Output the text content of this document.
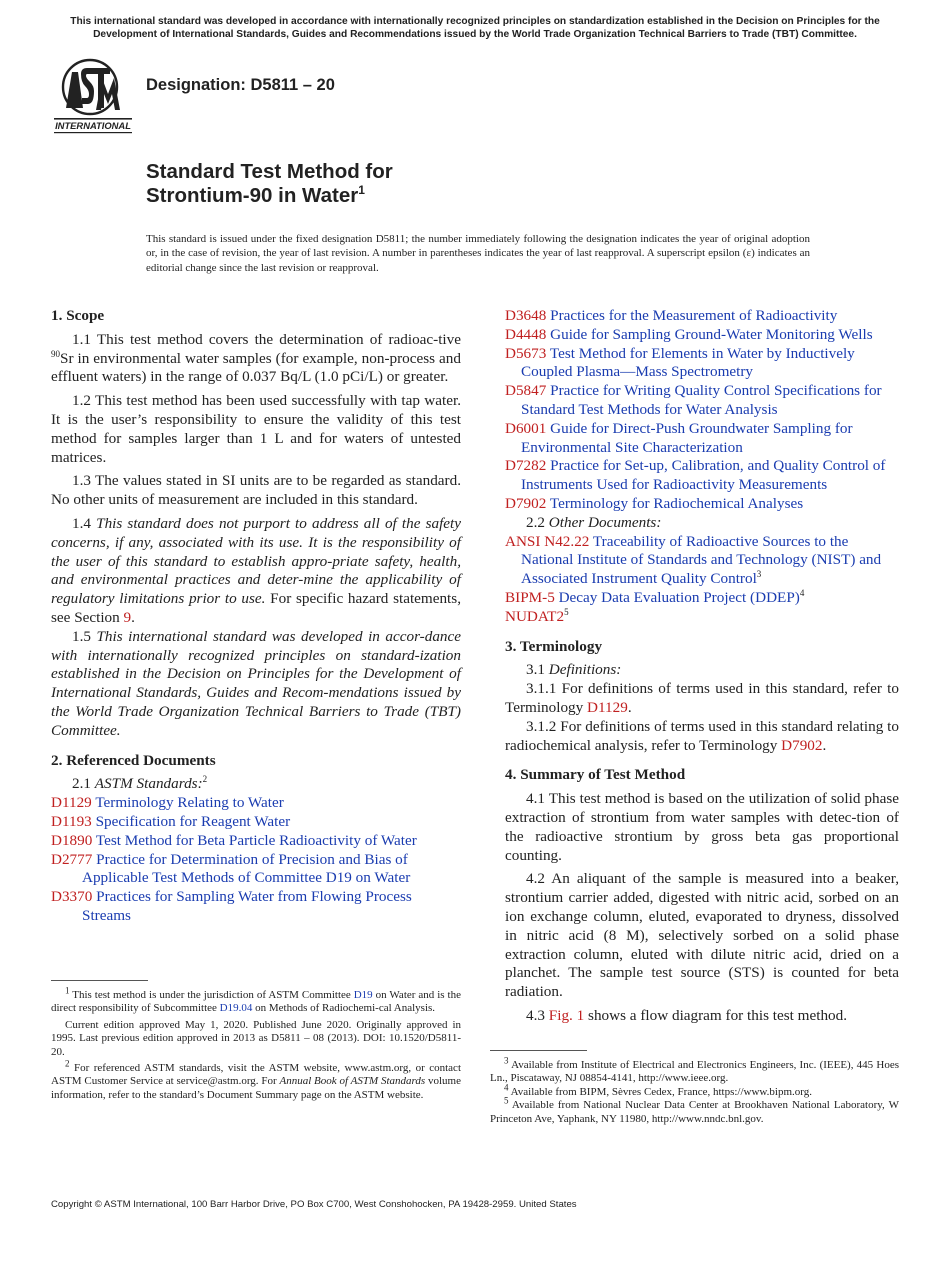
This international standard was developed in accordance with internationally recognized principles on standardization established in the Decision on Principles for the Development of International Standards, Guides and Recommendations issued by the World Trade Organization Technical Barriers to Trade (TBT) Committee.
INTERNATIONAL
Designation: D5811 – 20
Standard Test Method for
Strontium-90 in Water$^1$
This standard is issued under the fixed designation D5811; the number immediately following the designation indicates the year of original adoption or, in the case of revision, the year of last revision. A number in parentheses indicates the year of last reapproval. A superscript epsilon (ε) indicates an editorial change since the last revision or reapproval.
1. Scope

1.1 This test method covers the determination of radioac-tive $^{90}$Sr in environmental water samples (for example, non-process and effluent waters) in the range of 0.037 Bq/L (1.0 pCi/L) or greater.

1.2 This test method has been used successfully with tap water. It is the user’s responsibility to ensure the validity of this test method for samples larger than 1 L and for waters of untested matrices.

1.3 The values stated in SI units are to be regarded as standard. No other units of measurement are included in this standard.

1.4 This standard does not purport to address all of the safety concerns, if any, associated with its use. It is the responsibility of the user of this standard to establish appro-priate safety, health, and environmental practices and deter-mine the applicability of regulatory limitations prior to use. For specific hazard statements, see Section 9.

1.5 This international standard was developed in accor-dance with internationally recognized principles on standard-ization established in the Decision on Principles for the Development of International Standards, Guides and Recom-mendations issued by the World Trade Organization Technical Barriers to Trade (TBT) Committee.

2. Referenced Documents

2.1 ASTM Standards:$^2$

D1129 Terminology Relating to Water

D1193 Specification for Reagent Water

D1890 Test Method for Beta Particle Radioactivity of Water

D2777 Practice for Determination of Precision and Bias of Applicable Test Methods of Committee D19 on Water

D3370 Practices for Sampling Water from Flowing Process Streams

$^1$ This test method is under the jurisdiction of ASTM Committee D19 on Water and is the direct responsibility of Subcommittee D19.04 on Methods of Radiochemi-cal Analysis.

Current edition approved May 1, 2020. Published June 2020. Originally approved in 1995. Last previous edition approved in 2013 as D5811 – 08 (2013). DOI: 10.1520/D5811-20.

$^2$ For referenced ASTM standards, visit the ASTM website, www.astm.org, or contact ASTM Customer Service at service@astm.org. For Annual Book of ASTM Standards volume information, refer to the standard’s Document Summary page on the ASTM website.

D3648 Practices for the Measurement of Radioactivity

D4448 Guide for Sampling Ground-Water Monitoring Wells

D5673 Test Method for Elements in Water by Inductively Coupled Plasma—Mass Spectrometry

D5847 Practice for Writing Quality Control Specifications for Standard Test Methods for Water Analysis

D6001 Guide for Direct-Push Groundwater Sampling for Environmental Site Characterization

D7282 Practice for Set-up, Calibration, and Quality Control of Instruments Used for Radioactivity Measurements

D7902 Terminology for Radiochemical Analyses

2.2 Other Documents:

ANSI N42.22 Traceability of Radioactive Sources to the National Institute of Standards and Technology (NIST) and Associated Instrument Quality Control$^3$

BIPM-5 Decay Data Evaluation Project (DDEP)$^4$

$NUDAT2^5$

3. Terminology

3.1 Definitions:

3.1.1 For definitions of terms used in this standard, refer to Terminology D1129.

3.1.2 For definitions of terms used in this standard relating to radiochemical analysis, refer to Terminology D7902.

4. Summary of Test Method

4.1 This test method is based on the utilization of solid phase extraction of strontium from water samples with detec-tion of the radioactive strontium by gross beta gas proportional counting.

4.2 An aliquant of the sample is measured into a beaker, strontium carrier added, digested with nitric acid, sorbed on an ion exchange column, eluted, evaporated to dryness, dissolved in nitric acid (8 M), selectively sorbed on a solid phase extraction column, eluted with dilute nitric acid, dried on a planchet. The sample test source (STS) is counted for beta radiation.

4.3 Fig. 1 shows a flow diagram for this test method.

$^3$ Available from Institute of Electrical and Electronics Engineers, Inc. (IEEE), 445 Hoes Ln., Piscataway, NJ 08854-4141, http://www.ieee.org.

$^4$ Available from BIPM, Sèvres Cedex, France, https://www.bipm.org.

$^5$ Available from National Nuclear Data Center at Brookhaven National Laboratory, W Princeton Ave, Yaphank, NY 11980, http://www.nndc.bnl.gov.

Copyright © ASTM International, 100 Barr Harbor Drive, PO Box C700, West Conshohocken, PA 19428-2959. United States
